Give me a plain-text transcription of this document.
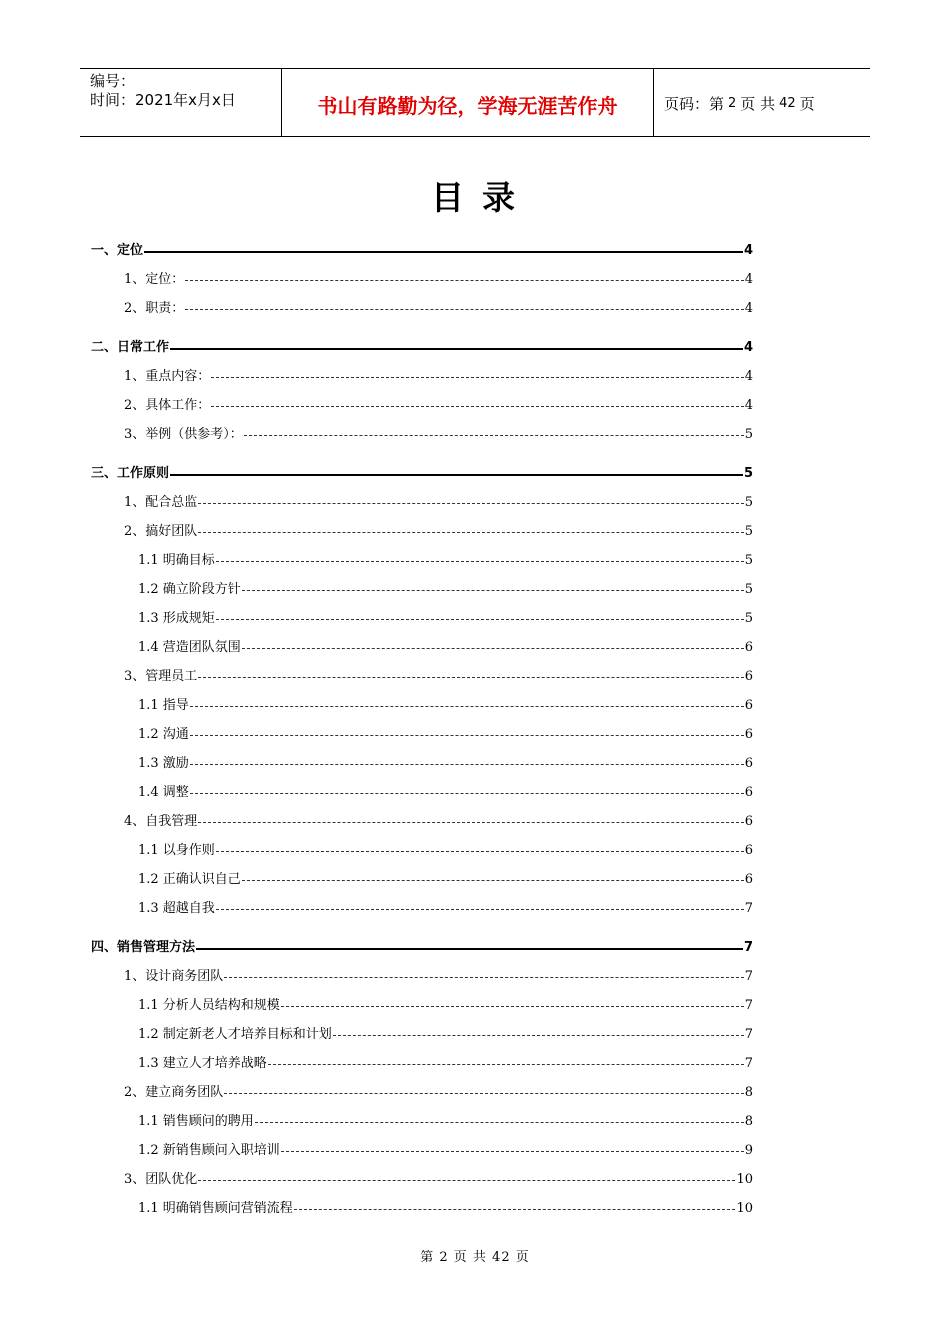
编号：
时间：2021年x月x日	书山有路勤为径，学海无涯苦作舟	页码：第 2 页 共 42 页
目录
一、定位	4
1、定位：	4
2、职责：	4
二、日常工作	4
1、重点内容：	4
2、具体工作：	4
3、举例（供参考）：	5
三、工作原则	5
1、配合总监	5
2、搞好团队	5
1.1 明确目标	5
1.2 确立阶段方针	5
1.3 形成规矩	5
1.4 营造团队氛围	6
3、管理员工	6
1.1 指导	6
1.2 沟通	6
1.3 激励	6
1.4 调整	6
4、自我管理	6
1.1 以身作则	6
1.2 正确认识自己	6
1.3 超越自我	7
四、销售管理方法	7
1、设计商务团队	7
1.1 分析人员结构和规模	7
1.2 制定新老人才培养目标和计划	7
1.3 建立人才培养战略	7
2、建立商务团队	8
1.1 销售顾问的聘用	8
1.2 新销售顾问入职培训	9
3、团队优化	10
1.1 明确销售顾问营销流程	10
第 2 页 共 42 页
